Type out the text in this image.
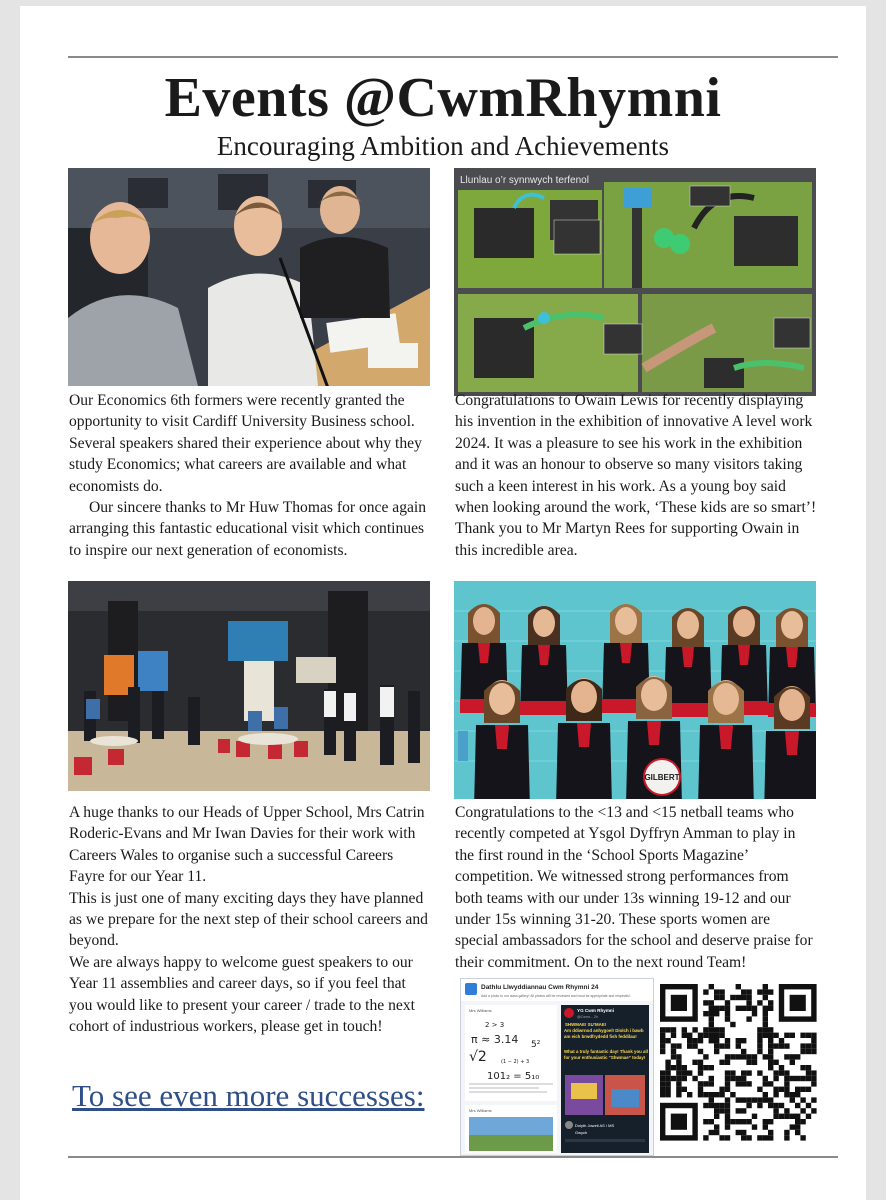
Events @CwmRhymni

Encouraging Ambition and Achievements

Llunlau o’r synnwych terfenol

Our Economics 6th formers were recently granted the opportunity to visit Cardiff University Business school. Several speakers shared their experience about why they study Economics; what careers are available and what economists do.

Our sincere thanks to Mr Huw Thomas for once again arranging this fantastic educational visit which continues to inspire our next generation of economists.

Congratulations to Owain Lewis for recently displaying his invention in the exhibition of innovative A level work 2024. It was a pleasure to see his work in the exhibition and it was an honour to observe so many visitors taking such a keen interest in his work. As a young boy said when looking around the work, ‘These kids are so smart’! Thank you to Mr Martyn Rees for supporting Owain in this incredible area.

GILBERT

A huge thanks to our Heads of Upper School, Mrs Catrin Roderic-Evans and Mr Iwan Davies for their work with Careers Wales to organise such a successful Careers Fayre for our Year 11.

This is just one of many exciting days they have planned as we prepare for the next step of their school careers and beyond.

We are always happy to welcome guest speakers to our Year 11 assemblies and career days, so if you feel that you would like to present your career / trade to the next cohort of industrious workers, please get in touch!

Congratulations to the <13 and <15 netball teams who recently competed at Ysgol Dyffryn Amman to play in the first round in the ‘School Sports Magazine’ competition. We witnessed strong performances from both teams with our under 13s winning 19-12 and our under 15s winning 31-20. These sports women are special ambassadors for the school and deserve praise for their commitment. On to the next round Team!

To see even more successes:
Dathlu Llwyddiannau Cwm Rhymni 24
Add a photo to our class gallery! All photos will be reviewed and must be appropriate and respectful.
Mrs Williams
2 > 3
π ≈ 3.14
√2
5²
(1 − 2) + 3
101₂ = 5₁₀
Mrs Williams
YG Cwm Rhymni
@Cwmr... 2h
SHWMAE! SU’MAE!
Am ddiwrnod anhygoel! Diolch i bawb am eich brwdfrydedd fish feddilau!
What a truly fantastic day! Thank you all for your enthusiastic “Shwmae” today!
Dolyth Jowell AS / MS
Gwych
